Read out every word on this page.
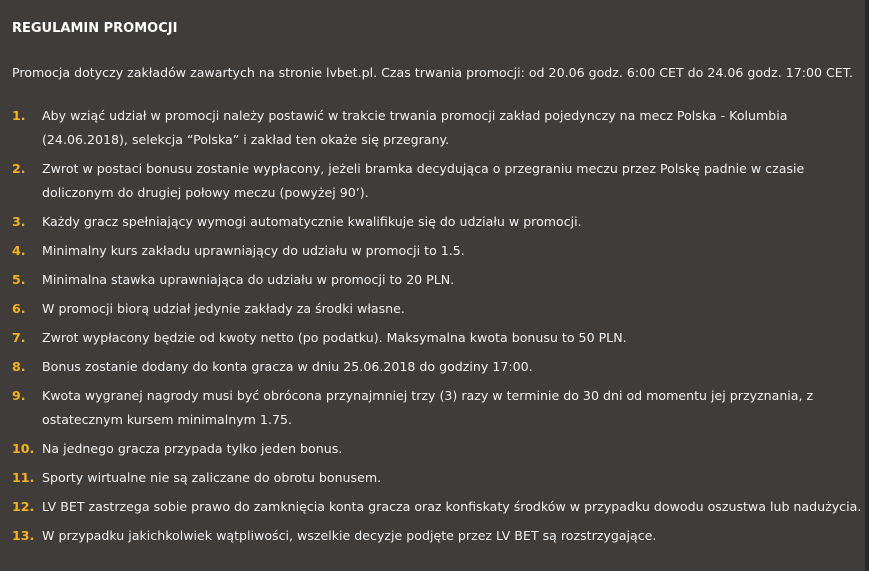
REGULAMIN PROMOCJI
Promocja dotyczy zakładów zawartych na stronie lvbet.pl. Czas trwania promocji: od 20.06 godz. 6:00 CET do 24.06 godz. 17:00 CET.
1. Aby wziąć udział w promocji należy postawić w trakcie trwania promocji zakład pojedynczy na mecz Polska - Kolumbia (24.06.2018), selekcja “Polska” i zakład ten okaże się przegrany.
2. Zwrot w postaci bonusu zostanie wypłacony, jeżeli bramka decydująca o przegraniu meczu przez Polskę padnie w czasie doliczonym do drugiej połowy meczu (powyżej 90’).
3. Każdy gracz spełniający wymogi automatycznie kwalifikuje się do udziału w promocji.
4. Minimalny kurs zakładu uprawniający do udziału w promocji to 1.5.
5. Minimalna stawka uprawniająca do udziału w promocji to 20 PLN.
6. W promocji biorą udział jedynie zakłady za środki własne.
7. Zwrot wypłacony będzie od kwoty netto (po podatku). Maksymalna kwota bonusu to 50 PLN.
8. Bonus zostanie dodany do konta gracza w dniu 25.06.2018 do godziny 17:00.
9. Kwota wygranej nagrody musi być obrócona przynajmniej trzy (3) razy w terminie do 30 dni od momentu jej przyznania, z ostatecznym kursem minimalnym 1.75.
10. Na jednego gracza przypada tylko jeden bonus.
11. Sporty wirtualne nie są zaliczane do obrotu bonusem.
12. LV BET zastrzega sobie prawo do zamknięcia konta gracza oraz konfiskaty środków w przypadku dowodu oszustwa lub nadużycia.
13. W przypadku jakichkolwiek wątpliwości, wszelkie decyzje podjęte przez LV BET są rozstrzygające.
